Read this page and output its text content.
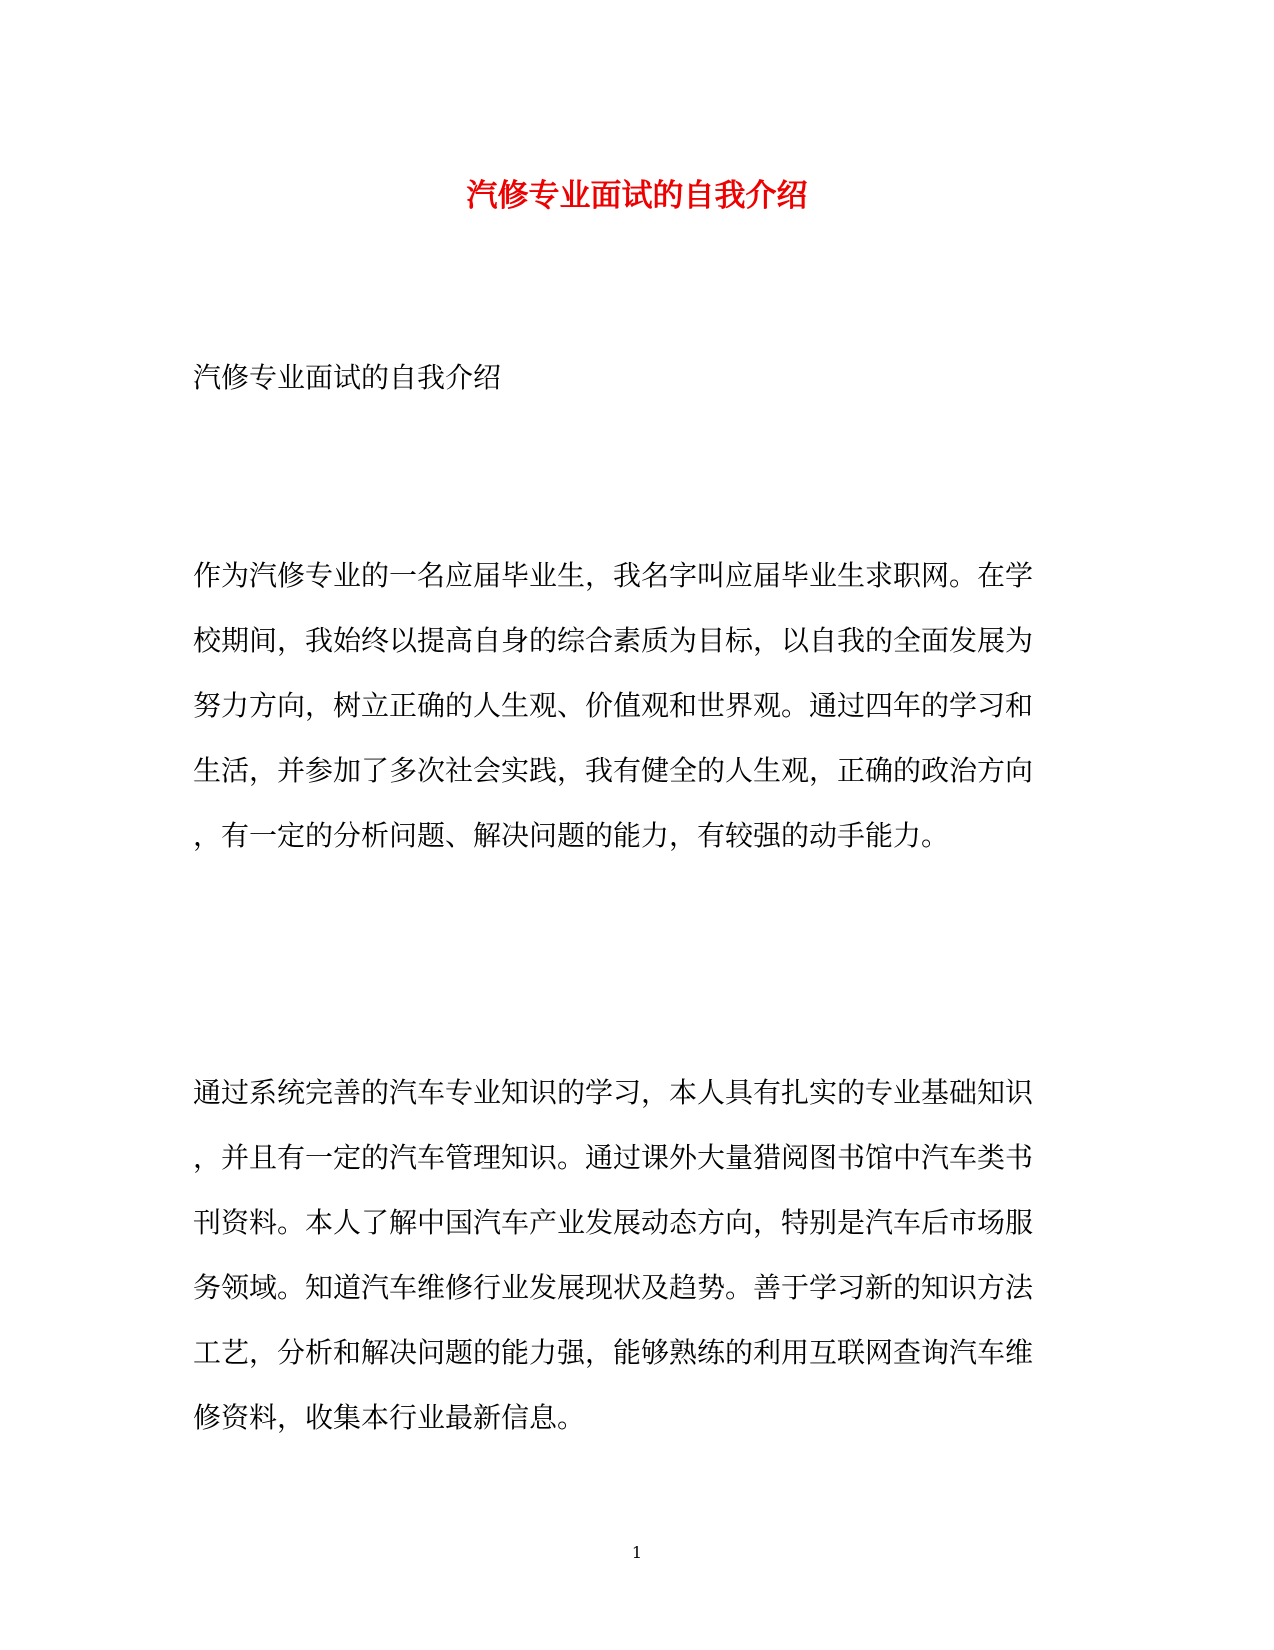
汽修专业面试的自我介绍

汽修专业面试的自我介绍

作为汽修专业的一名应届毕业生，我名字叫应届毕业生求职网。在学
校期间，我始终以提高自身的综合素质为目标，以自我的全面发展为
努力方向，树立正确的人生观、价值观和世界观。通过四年的学习和
生活，并参加了多次社会实践，我有健全的人生观，正确的政治方向
，有一定的分析问题、解决问题的能力，有较强的动手能力。
通过系统完善的汽车专业知识的学习，本人具有扎实的专业基础知识
，并且有一定的汽车管理知识。通过课外大量猎阅图书馆中汽车类书
刊资料。本人了解中国汽车产业发展动态方向，特别是汽车后市场服
务领域。知道汽车维修行业发展现状及趋势。善于学习新的知识方法
工艺，分析和解决问题的能力强，能够熟练的利用互联网查询汽车维
修资料，收集本行业最新信息。
1
